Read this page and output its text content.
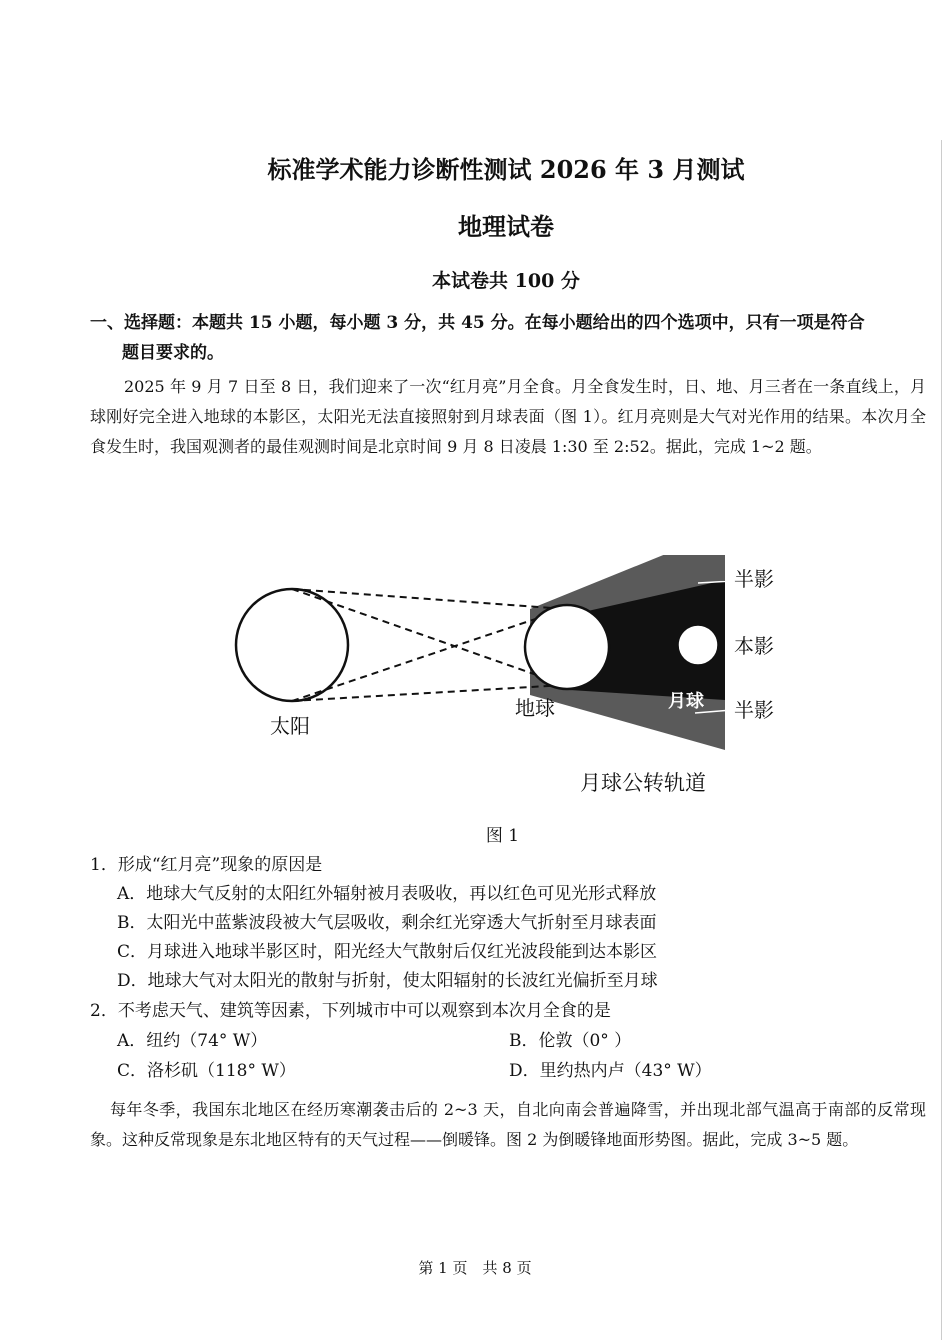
标准学术能力诊断性测试 2026 年 3 月测试
地理试卷
本试卷共 100 分
一、选择题：本题共 15 小题，每小题 3 分，共 45 分。在每小题给出的四个选项中，只有一项是符合
题目要求的。
2025 年 9 月 7 日至 8 日，我们迎来了一次“红月亮”月全食。月全食发生时，日、地、月三者在一条直线上，月球刚好完全进入地球的本影区，太阳光无法直接照射到月球表面（图 1）。红月亮则是大气对光作用的结果。本次月全食发生时，我国观测者的最佳观测时间是北京时间 9 月 8 日凌晨 1:30 至 2:52。据此，完成 1~2 题。
太阳
地球	月球
半影
本影
半影
月球公转轨道
图 1
1．形成“红月亮”现象的原因是
A．地球大气反射的太阳红外辐射被月表吸收，再以红色可见光形式释放
B．太阳光中蓝紫波段被大气层吸收，剩余红光穿透大气折射至月球表面
C．月球进入地球半影区时，阳光经大气散射后仅红光波段能到达本影区
D．地球大气对太阳光的散射与折射，使太阳辐射的长波红光偏折至月球
2．不考虑天气、建筑等因素，下列城市中可以观察到本次月全食的是
A．纽约（74° W）	B．伦敦（0° ）
C．洛杉矶（118° W）	D．里约热内卢（43° W）
每年冬季，我国东北地区在经历寒潮袭击后的 2~3 天，自北向南会普遍降雪，并出现北部气温高于南部的反常现象。这种反常现象是东北地区特有的天气过程——倒暖锋。图 2 为倒暖锋地面形势图。据此，完成 3~5 题。
第 1 页　共 8 页
